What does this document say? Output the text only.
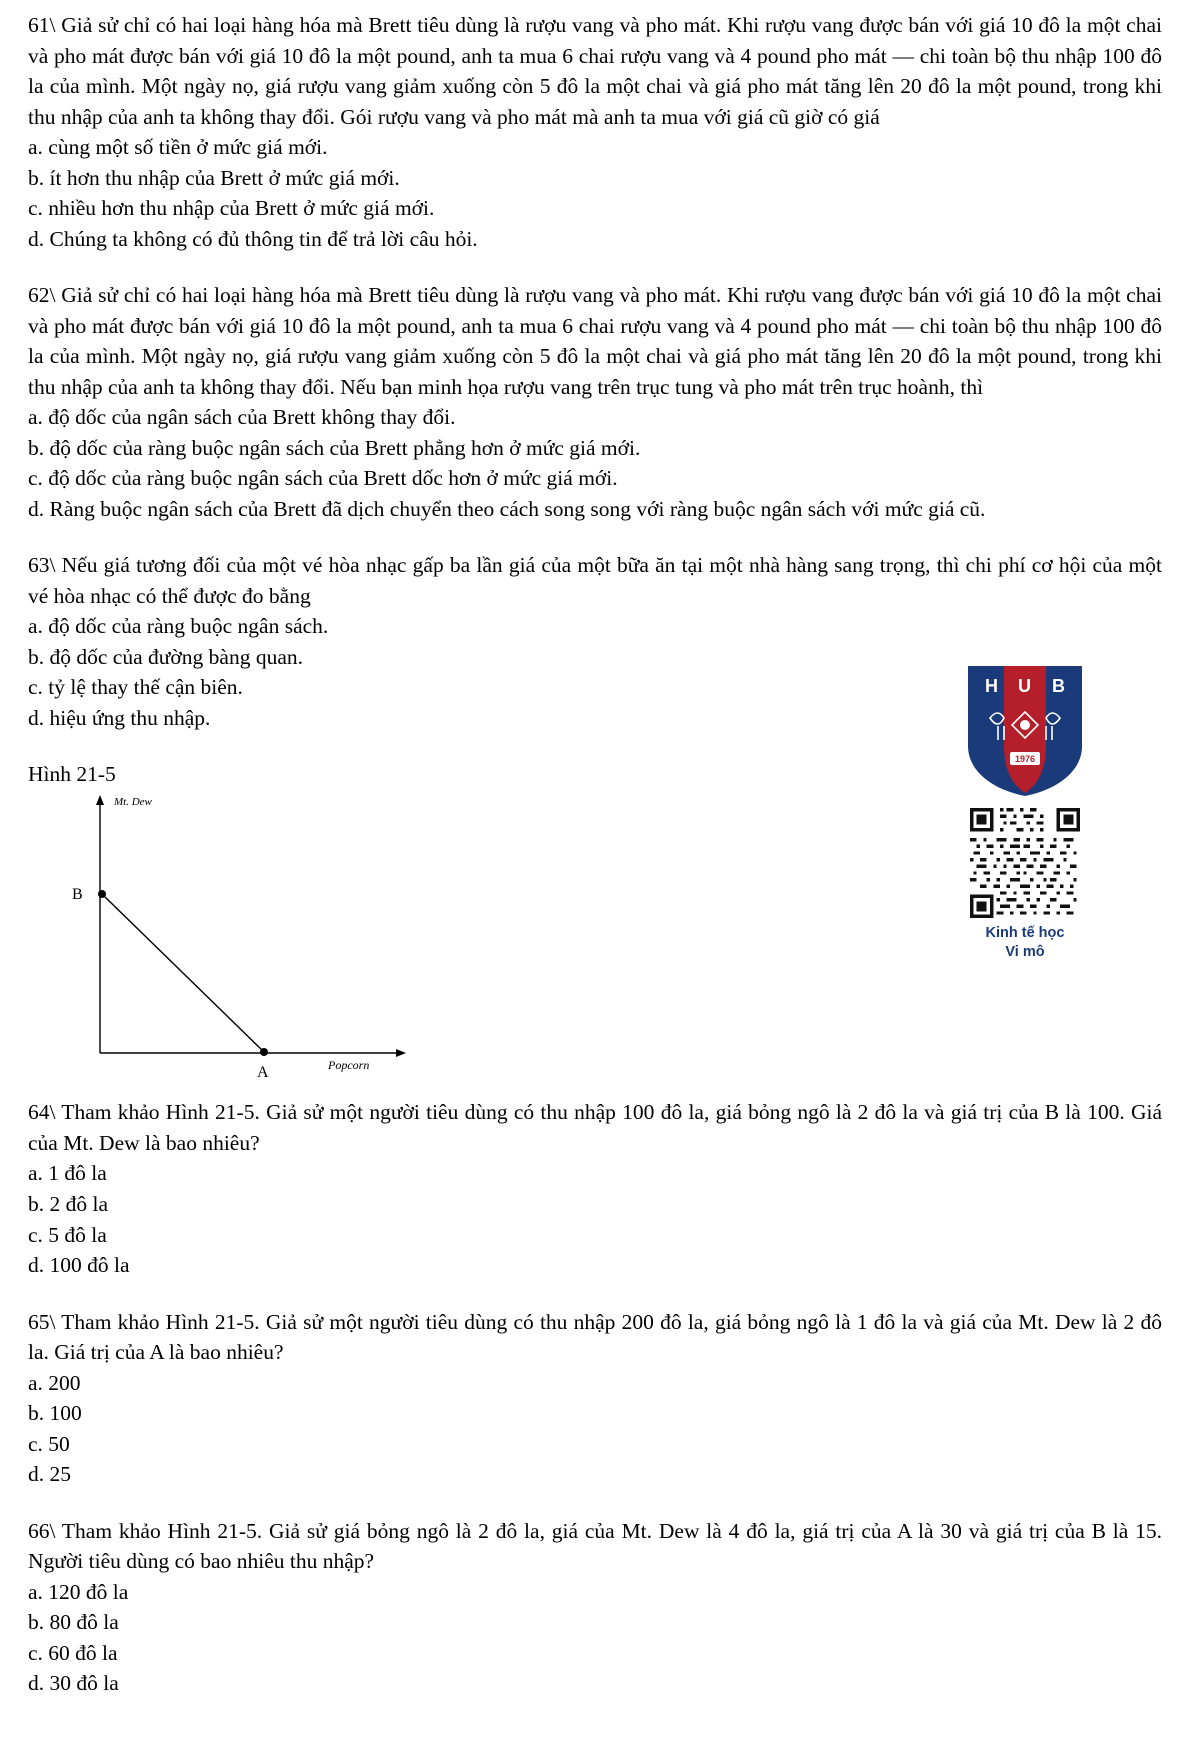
61\ Giả sử chỉ có hai loại hàng hóa mà Brett tiêu dùng là rượu vang và pho mát. Khi rượu vang được bán với giá 10 đô la một chai và pho mát được bán với giá 10 đô la một pound, anh ta mua 6 chai rượu vang và 4 pound pho mát — chi toàn bộ thu nhập 100 đô la của mình. Một ngày nọ, giá rượu vang giảm xuống còn 5 đô la một chai và giá pho mát tăng lên 20 đô la một pound, trong khi thu nhập của anh ta không thay đổi. Gói rượu vang và pho mát mà anh ta mua với giá cũ giờ có giá
a. cùng một số tiền ở mức giá mới.
b. ít hơn thu nhập của Brett ở mức giá mới.
c. nhiều hơn thu nhập của Brett ở mức giá mới.
d. Chúng ta không có đủ thông tin để trả lời câu hỏi.
62\ Giả sử chỉ có hai loại hàng hóa mà Brett tiêu dùng là rượu vang và pho mát. Khi rượu vang được bán với giá 10 đô la một chai và pho mát được bán với giá 10 đô la một pound, anh ta mua 6 chai rượu vang và 4 pound pho mát — chi toàn bộ thu nhập 100 đô la của mình. Một ngày nọ, giá rượu vang giảm xuống còn 5 đô la một chai và giá pho mát tăng lên 20 đô la một pound, trong khi thu nhập của anh ta không thay đổi. Nếu bạn minh họa rượu vang trên trục tung và pho mát trên trục hoành, thì
a. độ dốc của ngân sách của Brett không thay đổi.
b. độ dốc của ràng buộc ngân sách của Brett phẳng hơn ở mức giá mới.
c. độ dốc của ràng buộc ngân sách của Brett dốc hơn ở mức giá mới.
d. Ràng buộc ngân sách của Brett đã dịch chuyển theo cách song song với ràng buộc ngân sách với mức giá cũ.
63\ Nếu giá tương đối của một vé hòa nhạc gấp ba lần giá của một bữa ăn tại một nhà hàng sang trọng, thì chi phí cơ hội của một vé hòa nhạc có thể được đo bằng
a. độ dốc của ràng buộc ngân sách.
b. độ dốc của đường bàng quan.
c. tỷ lệ thay thế cận biên.
d. hiệu ứng thu nhập.
Hình 21-5
Mt. Dew
Popcorn
B
A
H U B
1976
Kinh tế học
Vi mô
64\ Tham khảo Hình 21-5. Giả sử một người tiêu dùng có thu nhập 100 đô la, giá bỏng ngô là 2 đô la và giá trị của B là 100. Giá của Mt. Dew là bao nhiêu?
a. 1 đô la
b. 2 đô la
c. 5 đô la
d. 100 đô la
65\ Tham khảo Hình 21-5. Giả sử một người tiêu dùng có thu nhập 200 đô la, giá bỏng ngô là 1 đô la và giá của Mt. Dew là 2 đô la. Giá trị của A là bao nhiêu?
a. 200
b. 100
c. 50
d. 25
66\ Tham khảo Hình 21-5. Giả sử giá bỏng ngô là 2 đô la, giá của Mt. Dew là 4 đô la, giá trị của A là 30 và giá trị của B là 15. Người tiêu dùng có bao nhiêu thu nhập?
a. 120 đô la
b. 80 đô la
c. 60 đô la
d. 30 đô la
